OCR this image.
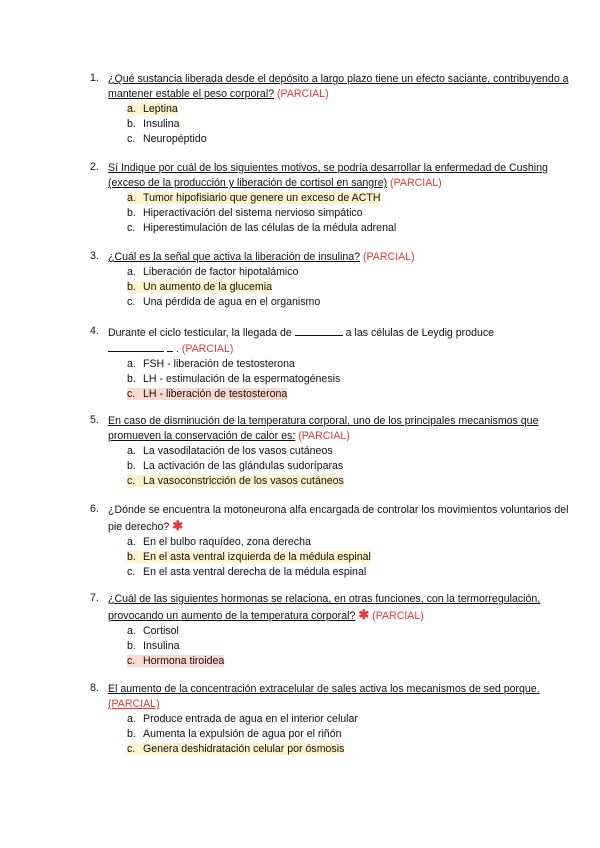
1. ¿Qué sustancia liberada desde el depósito a largo plazo tiene un efecto saciante, contribuyendo a mantener estable el peso corporal? (PARCIAL)
a. Leptina
b. Insulina
c. Neuropéptido
2. Sí Indique por cuál de los siguientes motivos, se podría desarrollar la enfermedad de Cushing (exceso de la producción y liberación de cortisol en sangre) (PARCIAL)
a. Tumor hipofisiario que genere un exceso de ACTH
b. Hiperactivación del sistema nervioso simpático
c. Hiperestimulación de las células de la médula adrenal
3. ¿Cuál es la señal que activa la liberación de insulina? (PARCIAL)
a. Liberación de factor hipotalámico
b. Un aumento de la glucemia
c. Una pérdida de agua en el organismo
4. Durante el ciclo testicular, la llegada de	a las células de Leydig produce
. (PARCIAL)
a. FSH - liberación de testosterona
b. LH - estimulación de la espermatogénesis
c. LH - liberación de testosterona
5. En caso de disminución de la temperatura corporal, uno de los principales mecanismos que promueven la conservación de calor es: (PARCIAL)
a. La vasodilatación de los vasos cutáneos
b. La activación de las glándulas sudoríparas
c. La vasoconstricción de los vasos cutáneos
6. ¿Dónde se encuentra la motoneurona alfa encargada de controlar los movimientos voluntarios del pie derecho? ✱
a. En el bulbo raquídeo, zona derecha
b. En el asta ventral izquierda de la médula espinal
c. En el asta ventral derecha de la médula espinal
7. ¿Cuál de las siguientes hormonas se relaciona, en otras funciones, con la termorregulación, provocando un aumento de la temperatura corporal? ✱ (PARCIAL)
a. Cortisol
b. Insulina
c. Hormona tiroidea
8. El aumento de la concentración extracelular de sales activa los mecanismos de sed porque. (PARCIAL)
a. Produce entrada de agua en el interior celular
b. Aumenta la expulsión de agua por el riñón
c. Genera deshidratación celular por ósmosis
